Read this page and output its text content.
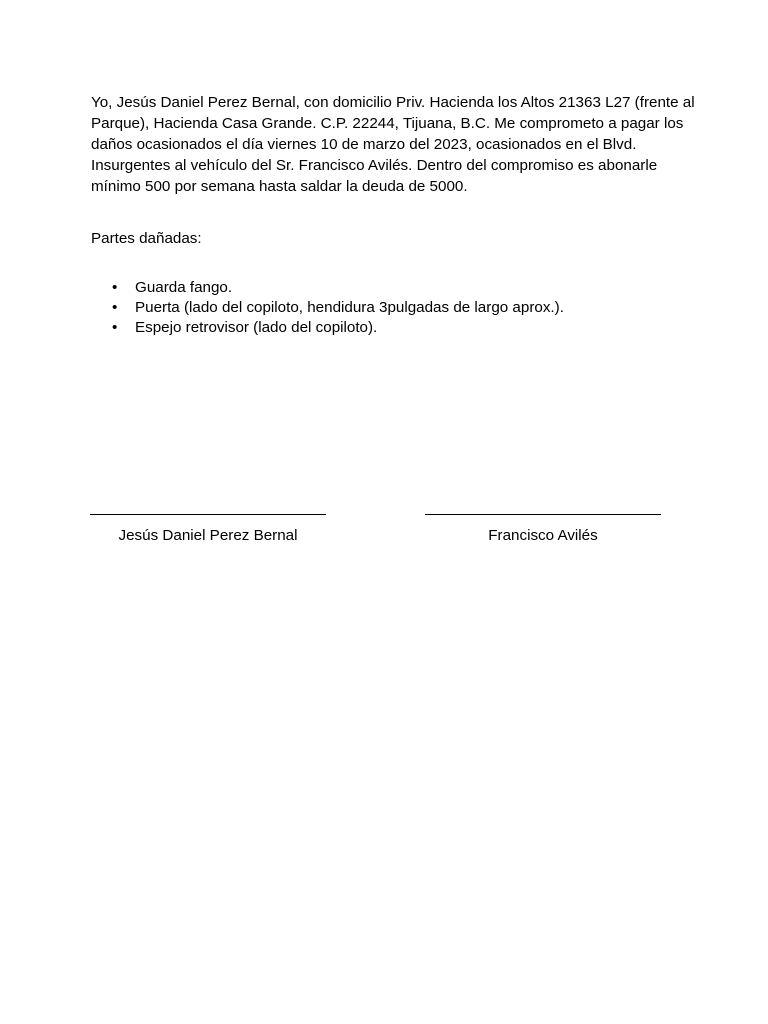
Yo, Jesús Daniel Perez Bernal, con domicilio Priv. Hacienda los Altos 21363 L27 (frente al Parque), Hacienda Casa Grande. C.P. 22244, Tijuana, B.C. Me comprometo a pagar los daños ocasionados el día viernes 10 de marzo del 2023, ocasionados en el Blvd. Insurgentes al vehículo del Sr. Francisco Avilés. Dentro del compromiso es abonarle mínimo 500 por semana hasta saldar la deuda de 5000.

Partes dañadas:

• Guarda fango.
• Puerta (lado del copiloto, hendidura 3pulgadas de largo aprox.).
• Espejo retrovisor (lado del copiloto).
Jesús Daniel Perez Bernal	Francisco Avilés
